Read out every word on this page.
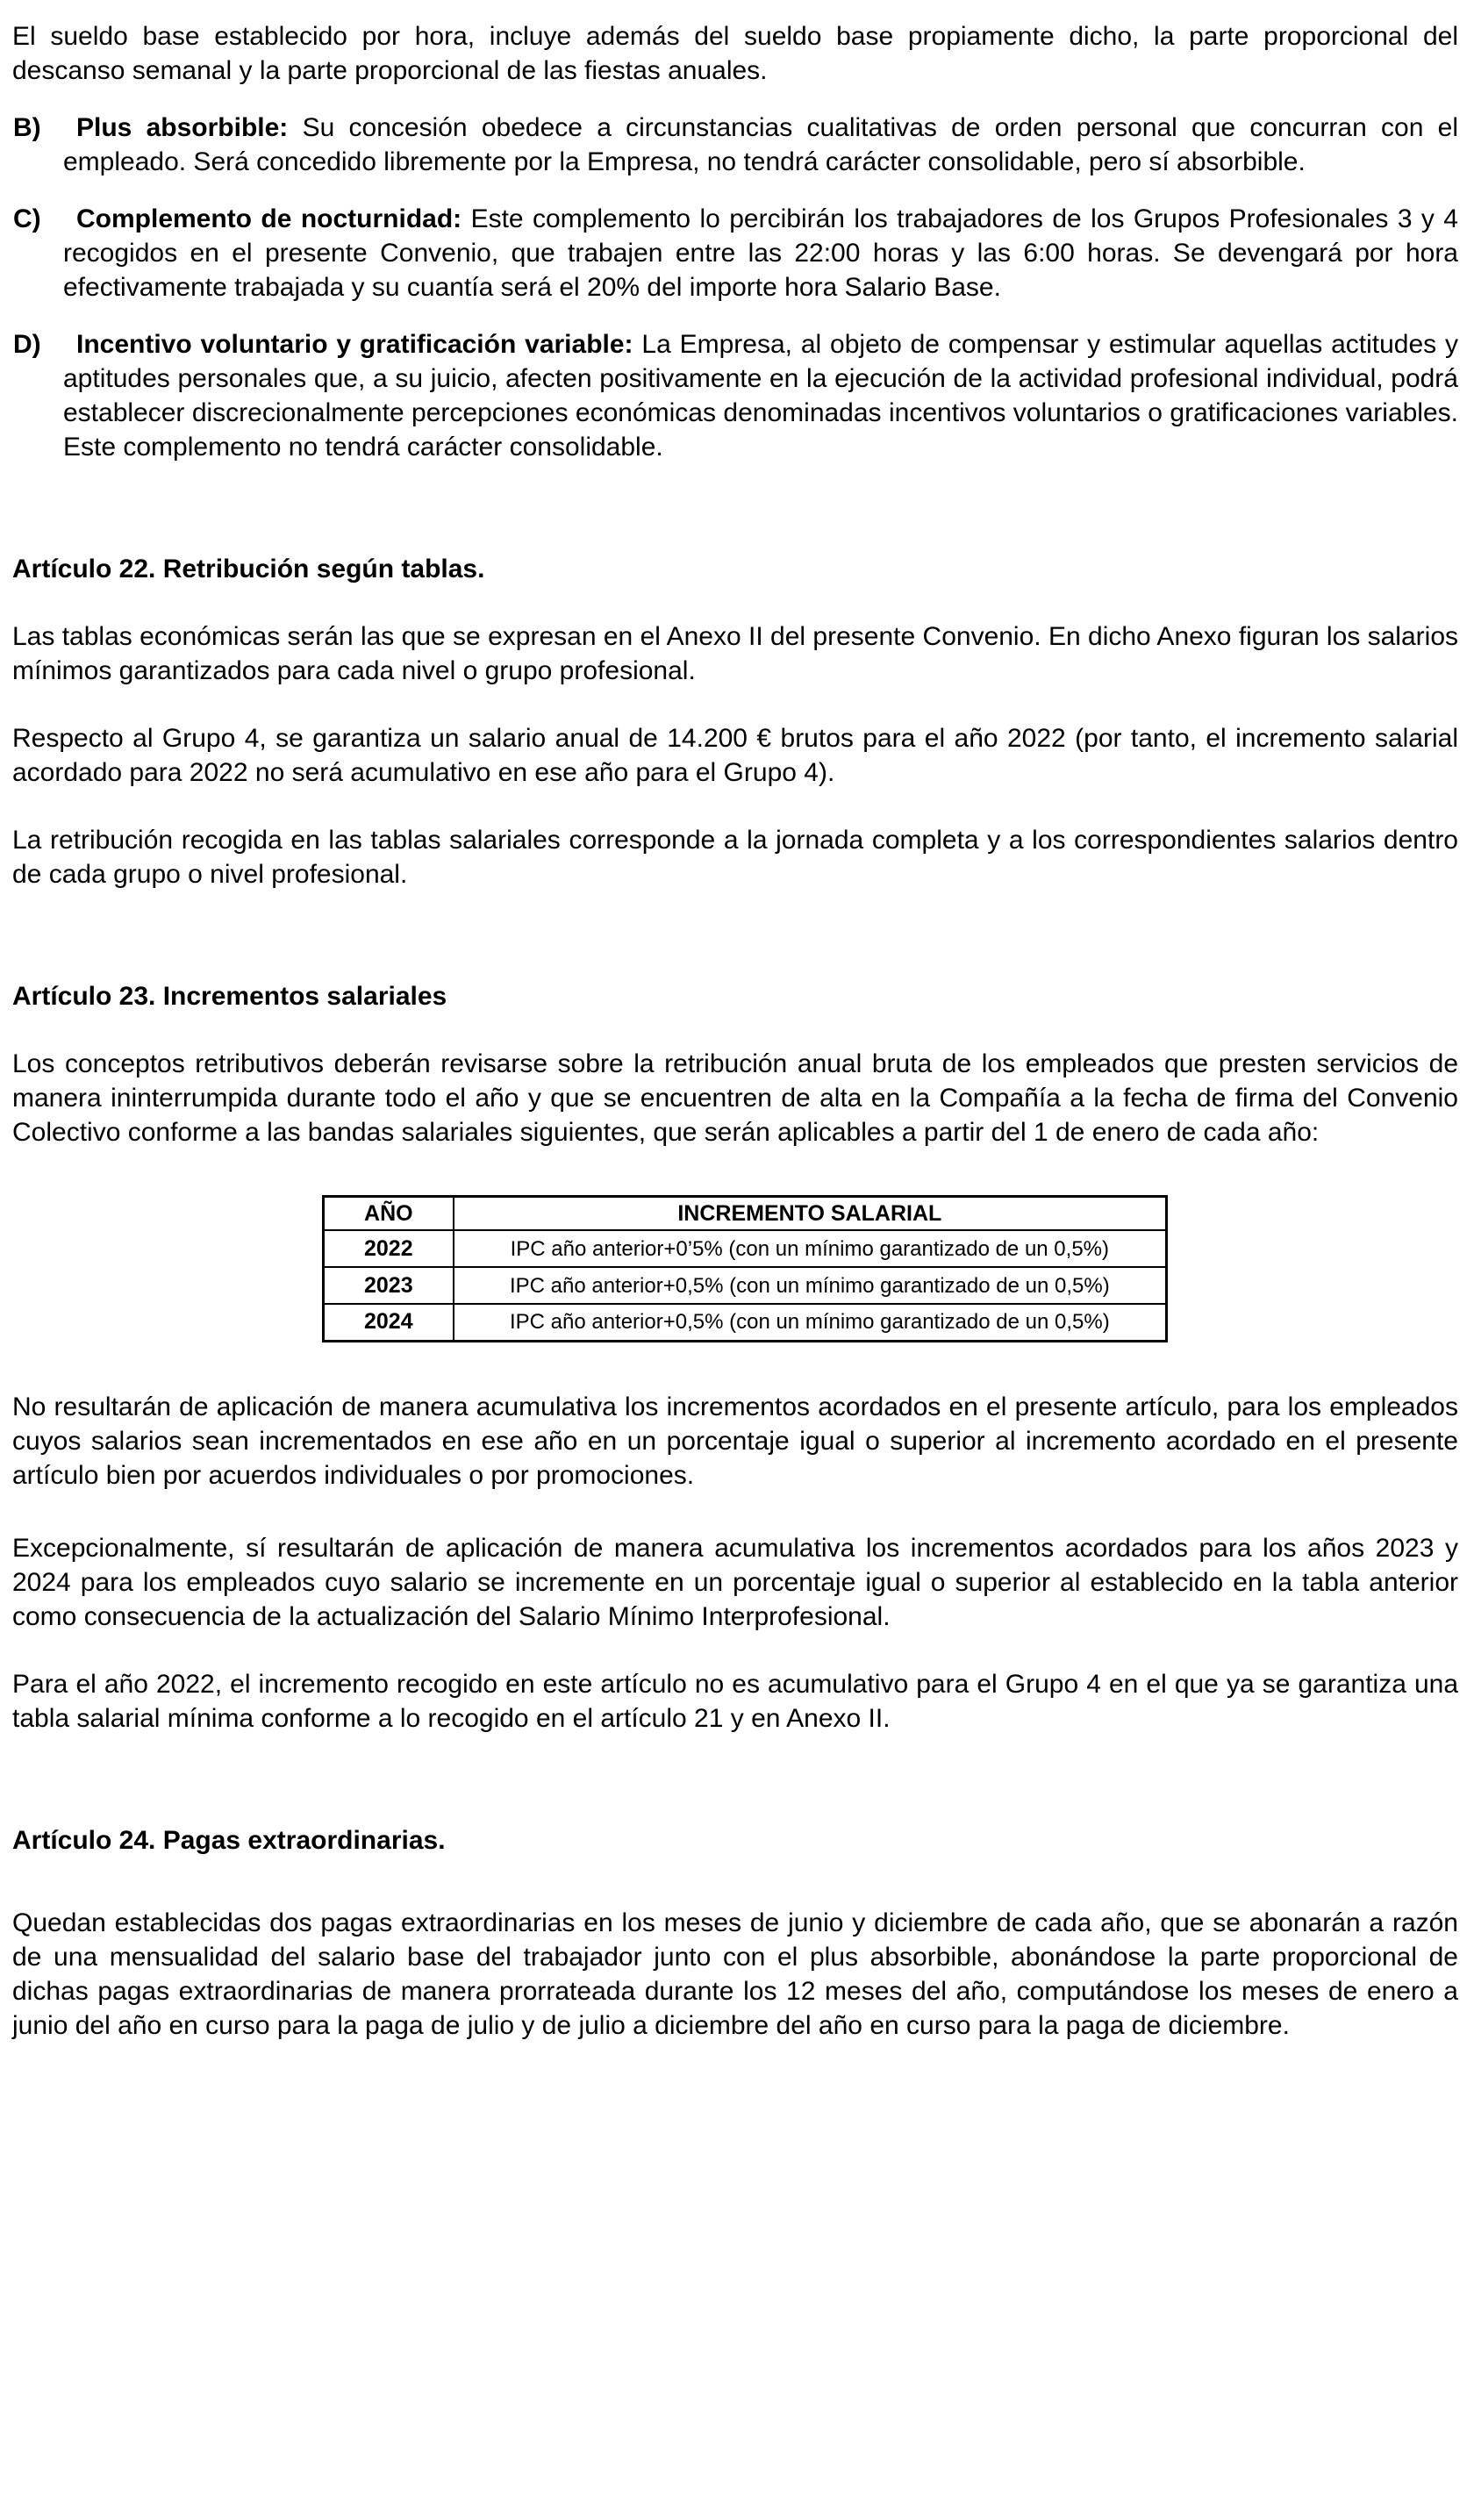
El sueldo base establecido por hora, incluye además del sueldo base propiamente dicho, la parte proporcional del descanso semanal y la parte proporcional de las fiestas anuales.

B) Plus absorbible: Su concesión obedece a circunstancias cualitativas de orden personal que concurran con el empleado. Será concedido libremente por la Empresa, no tendrá carácter consolidable, pero sí absorbible.
C) Complemento de nocturnidad: Este complemento lo percibirán los trabajadores de los Grupos Profesionales 3 y 4 recogidos en el presente Convenio, que trabajen entre las 22:00 horas y las 6:00 horas. Se devengará por hora efectivamente trabajada y su cuantía será el 20% del importe hora Salario Base.
D) Incentivo voluntario y gratificación variable: La Empresa, al objeto de compensar y estimular aquellas actitudes y aptitudes personales que, a su juicio, afecten positivamente en la ejecución de la actividad profesional individual, podrá establecer discrecionalmente percepciones económicas denominadas incentivos voluntarios o gratificaciones variables. Este complemento no tendrá carácter consolidable.

Artículo 22. Retribución según tablas.

Las tablas económicas serán las que se expresan en el Anexo II del presente Convenio. En dicho Anexo figuran los salarios mínimos garantizados para cada nivel o grupo profesional.

Respecto al Grupo 4, se garantiza un salario anual de 14.200 € brutos para el año 2022 (por tanto, el incremento salarial acordado para 2022 no será acumulativo en ese año para el Grupo 4).

La retribución recogida en las tablas salariales corresponde a la jornada completa y a los correspondientes salarios dentro de cada grupo o nivel profesional.

Artículo 23. Incrementos salariales

Los conceptos retributivos deberán revisarse sobre la retribución anual bruta de los empleados que presten servicios de manera ininterrumpida durante todo el año y que se encuentren de alta en la Compañía a la fecha de firma del Convenio Colectivo conforme a las bandas salariales siguientes, que serán aplicables a partir del 1 de enero de cada año:

AÑO	INCREMENTO SALARIAL
2022	IPC año anterior+0’5% (con un mínimo garantizado de un 0,5%)
2023	IPC año anterior+0,5% (con un mínimo garantizado de un 0,5%)
2024	IPC año anterior+0,5% (con un mínimo garantizado de un 0,5%)

No resultarán de aplicación de manera acumulativa los incrementos acordados en el presente artículo, para los empleados cuyos salarios sean incrementados en ese año en un porcentaje igual o superior al incremento acordado en el presente artículo bien por acuerdos individuales o por promociones.

Excepcionalmente, sí resultarán de aplicación de manera acumulativa los incrementos acordados para los años 2023 y 2024 para los empleados cuyo salario se incremente en un porcentaje igual o superior al establecido en la tabla anterior como consecuencia de la actualización del Salario Mínimo Interprofesional.

Para el año 2022, el incremento recogido en este artículo no es acumulativo para el Grupo 4 en el que ya se garantiza una tabla salarial mínima conforme a lo recogido en el artículo 21 y en Anexo II.

Artículo 24. Pagas extraordinarias.

Quedan establecidas dos pagas extraordinarias en los meses de junio y diciembre de cada año, que se abonarán a razón de una mensualidad del salario base del trabajador junto con el plus absorbible, abonándose la parte proporcional de dichas pagas extraordinarias de manera prorrateada durante los 12 meses del año, computándose los meses de enero a junio del año en curso para la paga de julio y de julio a diciembre del año en curso para la paga de diciembre.
